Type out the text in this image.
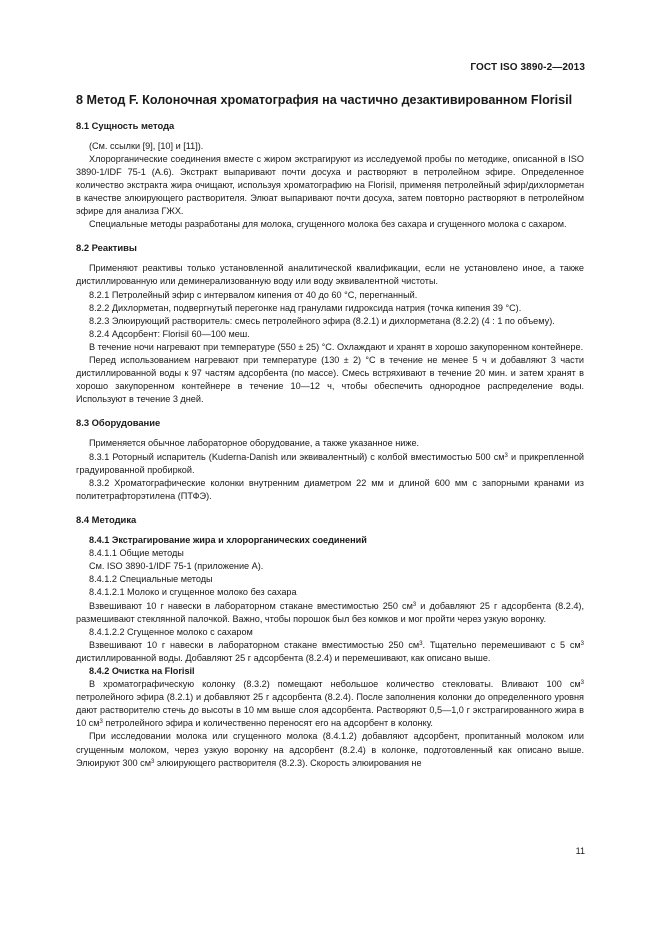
ГОСТ ISO 3890-2—2013

8 Метод F. Колоночная хроматография на частично дезактивированном Florisil

8.1 Сущность метода

(См. ссылки [9], [10] и [11]).

Хлорорганические соединения вместе с жиром экстрагируют из исследуемой пробы по методике, описанной в ISO 3890-1/IDF 75-1 (А.6). Экстракт выпаривают почти досуха и растворяют в петролейном эфире. Определенное количество экстракта жира очищают, используя хроматографию на Florisil, применяя петролейный эфир/дихлорметан в качестве элюирующего растворителя. Элюат выпаривают почти досуха, затем повторно растворяют в петролейном эфире для анализа ГЖХ.

Специальные методы разработаны для молока, сгущенного молока без сахара и сгущенного молока с сахаром.

8.2 Реактивы

Применяют реактивы только установленной аналитической квалификации, если не установлено иное, а также дистиллированную или деминерализованную воду или воду эквивалентной чистоты.

8.2.1 Петролейный эфир с интервалом кипения от 40 до 60 °С, перегнанный.

8.2.2 Дихлорметан, подвергнутый перегонке над гранулами гидроксида натрия (точка кипения 39 °С).

8.2.3 Элюирующий растворитель: смесь петролейного эфира (8.2.1) и дихлорметана (8.2.2) (4 : 1 по объему).

8.2.4 Адсорбент: Florisil 60—100 меш.

В течение ночи нагревают при температуре (550 ± 25) °С. Охлаждают и хранят в хорошо закупоренном контейнере.

Перед использованием нагревают при температуре (130 ± 2) °С в течение не менее 5 ч и добавляют 3 части дистиллированной воды к 97 частям адсорбента (по массе). Смесь встряхивают в течение 20 мин. и затем хранят в хорошо закупоренном контейнере в течение 10—12 ч, чтобы обеспечить однородное распределение воды. Используют в течение 3 дней.

8.3 Оборудование

Применяется обычное лабораторное оборудование, а также указанное ниже.

8.3.1 Роторный испаритель (Kuderna-Danish или эквивалентный) с колбой вместимостью 500 $см^3$ и прикрепленной градуированной пробиркой.

8.3.2 Хроматографические колонки внутренним диаметром 22 мм и длиной 600 мм с запорными кранами из политетрафторэтилена (ПТФЭ).

8.4 Методика

8.4.1 Экстрагирование жира и хлорорганических соединений

8.4.1.1 Общие методы

См. ISO 3890-1/IDF 75-1 (приложение А).

8.4.1.2 Специальные методы

8.4.1.2.1 Молоко и сгущенное молоко без сахара

Взвешивают 10 г навески в лабораторном стакане вместимостью 250 $см^3$ и добавляют 25 г адсорбента (8.2.4), размешивают стеклянной палочкой. Важно, чтобы порошок был без комков и мог пройти через узкую воронку.

8.4.1.2.2 Сгущенное молоко с сахаром

Взвешивают 10 г навески в лабораторном стакане вместимостью 250 $см^3$. Тщательно перемешивают с 5 $см^3$ дистиллированной воды. Добавляют 25 г адсорбента (8.2.4) и перемешивают, как описано выше.

8.4.2 Очистка на Florisil

В хроматографическую колонку (8.3.2) помещают небольшое количество стекловаты. Вливают 100 $см^3$ петролейного эфира (8.2.1) и добавляют 25 г адсорбента (8.2.4). После заполнения колонки до определенного уровня дают растворителю стечь до высоты в 10 мм выше слоя адсорбента. Растворяют 0,5—1,0 г экстрагированного жира в 10 $см^3$ петролейного эфира и количественно переносят его на адсорбент в колонку.

При исследовании молока или сгущенного молока (8.4.1.2) добавляют адсорбент, пропитанный молоком или сгущенным молоком, через узкую воронку на адсорбент (8.2.4) в колонке, подготовленный как описано выше. Элюируют 300 $см^3$ элюирующего растворителя (8.2.3). Скорость элюирования не

11
